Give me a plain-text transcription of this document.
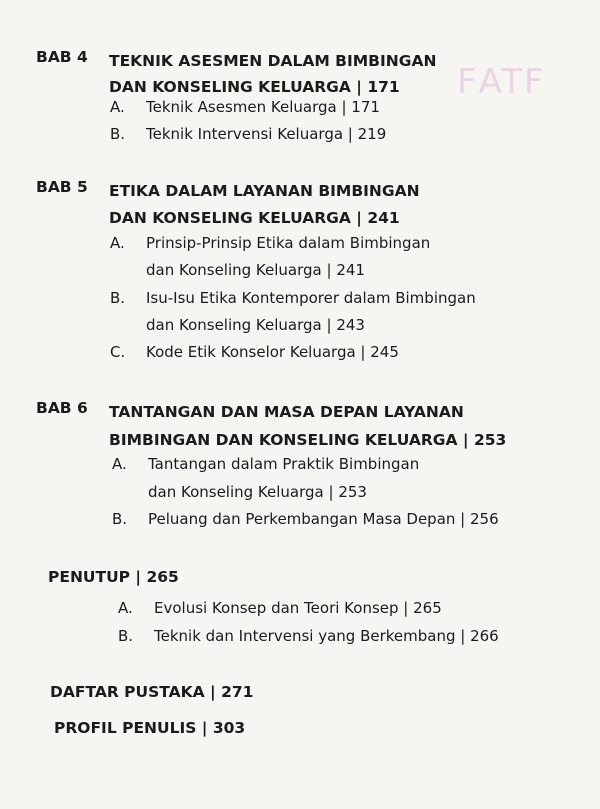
ꟻTAꟻ
BAB 4 TEKNIK ASESMEN DALAM BIMBINGAN
DAN KONSELING KELUARGA | 171
A. Teknik Asesmen Keluarga | 171
B. Teknik Intervensi Keluarga | 219
BAB 5 ETIKA DALAM LAYANAN BIMBINGAN
DAN KONSELING KELUARGA | 241
A. Prinsip-Prinsip Etika dalam Bimbingan
dan Konseling Keluarga | 241
B. Isu-Isu Etika Kontemporer dalam Bimbingan
dan Konseling Keluarga | 243
C. Kode Etik Konselor Keluarga | 245
BAB 6 TANTANGAN DAN MASA DEPAN LAYANAN
BIMBINGAN DAN KONSELING KELUARGA | 253
A. Tantangan dalam Praktik Bimbingan
dan Konseling Keluarga | 253
B. Peluang dan Perkembangan Masa Depan | 256
PENUTUP | 265
A. Evolusi Konsep dan Teori Konsep | 265
B. Teknik dan Intervensi yang Berkembang | 266
DAFTAR PUSTAKA | 271
PROFIL PENULIS | 303
